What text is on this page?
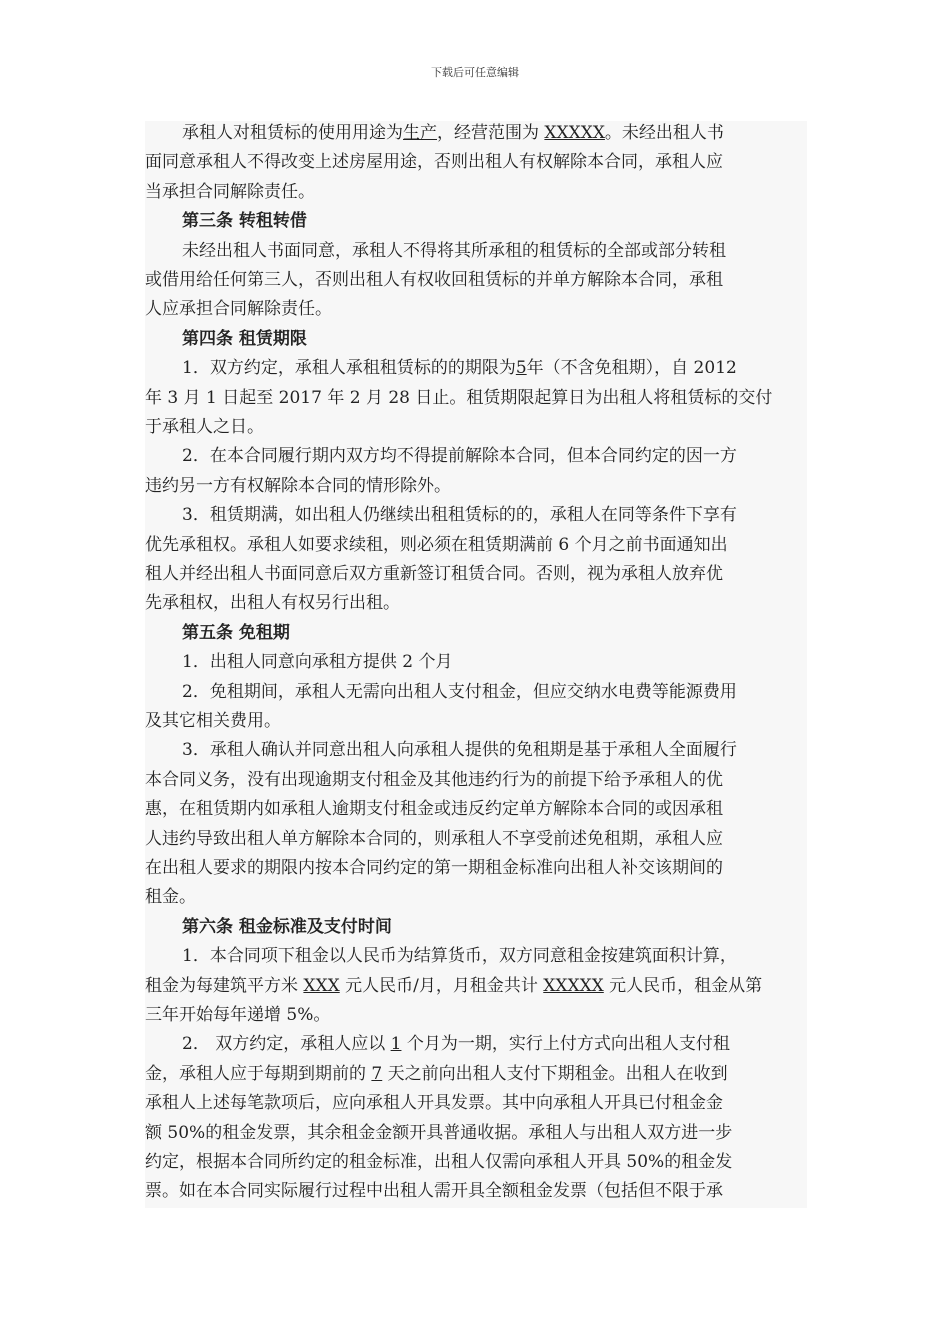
下载后可任意编辑
承租人对租赁标的使用用途为生产，经营范围为 XXXXX。未经出租人书
面同意承租人不得改变上述房屋用途，否则出租人有权解除本合同，承租人应
当承担合同解除责任。
第三条 转租转借
未经出租人书面同意，承租人不得将其所承租的租赁标的全部或部分转租
或借用给任何第三人，否则出租人有权收回租赁标的并单方解除本合同，承租
人应承担合同解除责任。
第四条 租赁期限
1．双方约定，承租人承租租赁标的的期限为5年（不含免租期），自 2012
年 3 月 1 日起至 2017 年 2 月 28 日止。租赁期限起算日为出租人将租赁标的交付
于承租人之日。
2．在本合同履行期内双方均不得提前解除本合同，但本合同约定的因一方
违约另一方有权解除本合同的情形除外。
3．租赁期满，如出租人仍继续出租租赁标的的，承租人在同等条件下享有
优先承租权。承租人如要求续租，则必须在租赁期满前 6 个月之前书面通知出
租人并经出租人书面同意后双方重新签订租赁合同。否则，视为承租人放弃优
先承租权，出租人有权另行出租。
第五条 免租期
1．出租人同意向承租方提供 2 个月
2．免租期间，承租人无需向出租人支付租金，但应交纳水电费等能源费用
及其它相关费用。
3．承租人确认并同意出租人向承租人提供的免租期是基于承租人全面履行
本合同义务，没有出现逾期支付租金及其他违约行为的前提下给予承租人的优
惠，在租赁期内如承租人逾期支付租金或违反约定单方解除本合同的或因承租
人违约导致出租人单方解除本合同的，则承租人不享受前述免租期，承租人应
在出租人要求的期限内按本合同约定的第一期租金标准向出租人补交该期间的
租金。
第六条 租金标准及支付时间
1．本合同项下租金以人民币为结算货币，双方同意租金按建筑面积计算，
租金为每建筑平方米 XXX 元人民币/月，月租金共计 XXXXX 元人民币，租金从第
三年开始每年递增 5%。
2． 双方约定，承租人应以 1 个月为一期，实行上付方式向出租人支付租
金，承租人应于每期到期前的 7 天之前向出租人支付下期租金。出租人在收到
承租人上述每笔款项后，应向承租人开具发票。其中向承租人开具已付租金金
额 50%的租金发票，其余租金金额开具普通收据。承租人与出租人双方进一步
约定，根据本合同所约定的租金标准，出租人仅需向承租人开具 50%的租金发
票。如在本合同实际履行过程中出租人需开具全额租金发票（包括但不限于承
